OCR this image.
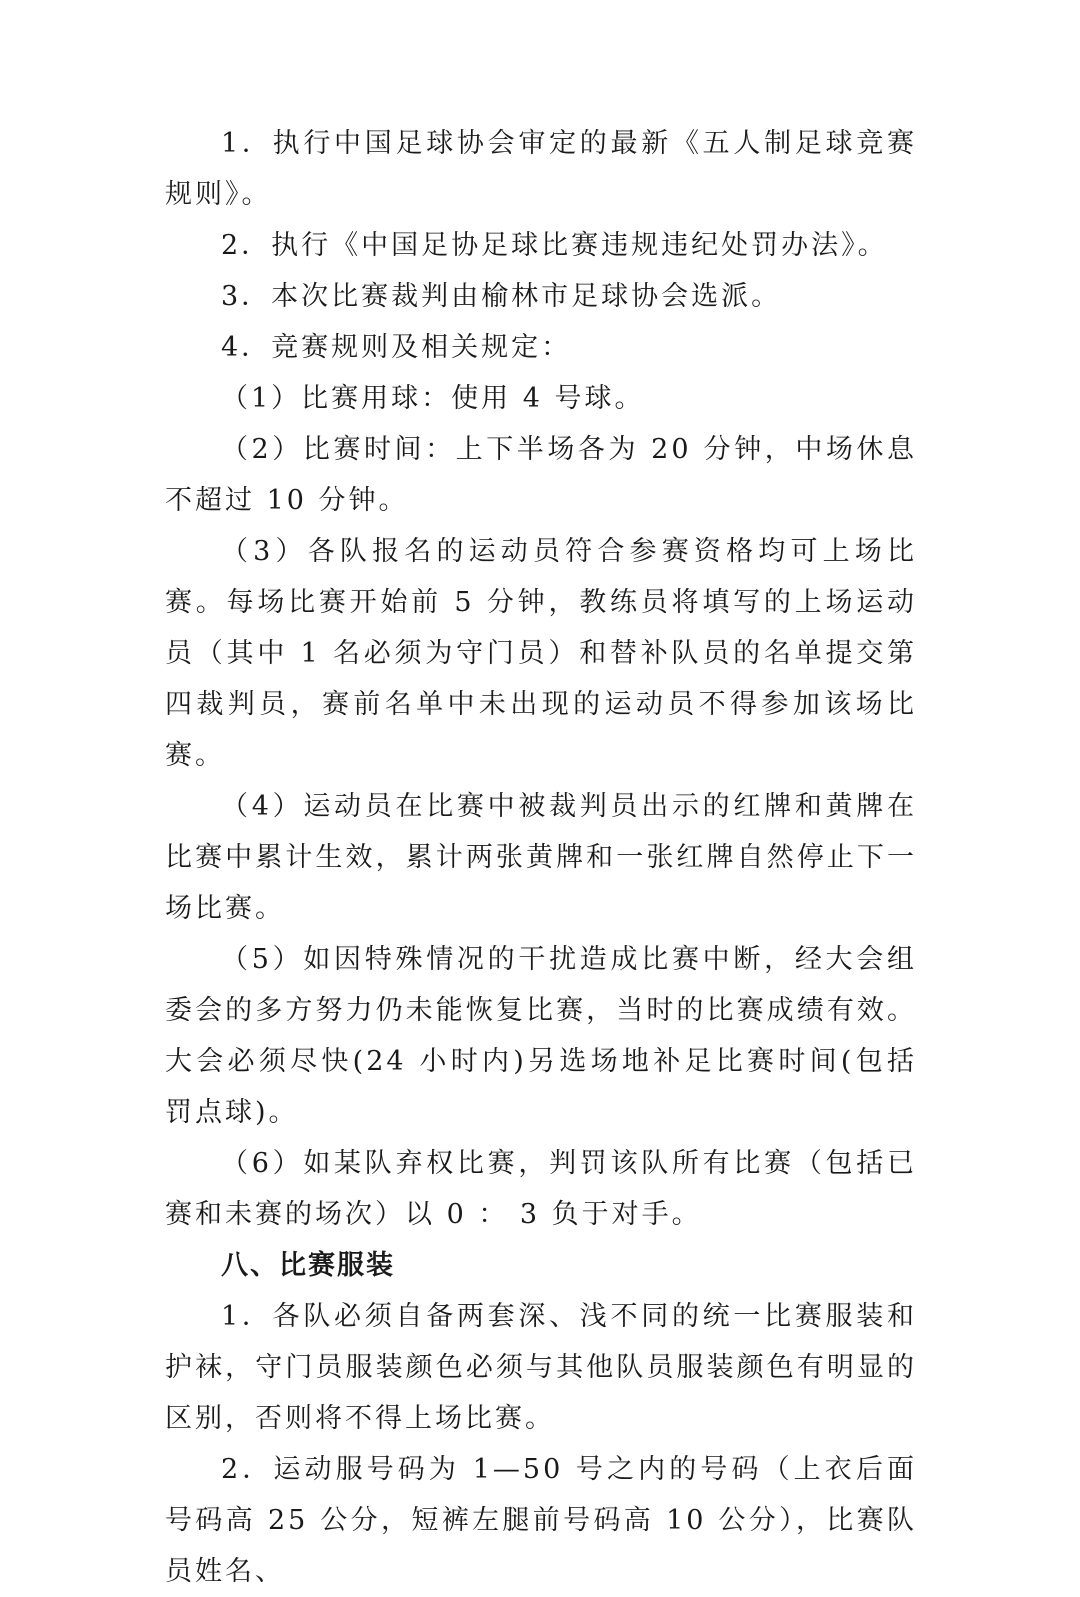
1．执行中国足球协会审定的最新《五人制足球竞赛规则》。

2．执行《中国足协足球比赛违规违纪处罚办法》。

3．本次比赛裁判由榆林市足球协会选派。

4．竞赛规则及相关规定：

（1）比赛用球：使用 4 号球。

（2）比赛时间：上下半场各为 20 分钟，中场休息不超过 10 分钟。

（3）各队报名的运动员符合参赛资格均可上场比赛。每场比赛开始前 5 分钟，教练员将填写的上场运动员（其中 1 名必须为守门员）和替补队员的名单提交第四裁判员，赛前名单中未出现的运动员不得参加该场比赛。

（4）运动员在比赛中被裁判员出示的红牌和黄牌在比赛中累计生效，累计两张黄牌和一张红牌自然停止下一场比赛。

（5）如因特殊情况的干扰造成比赛中断，经大会组委会的多方努力仍未能恢复比赛，当时的比赛成绩有效。大会必须尽快(24 小时内)另选场地补足比赛时间(包括罚点球)。

（6）如某队弃权比赛，判罚该队所有比赛（包括已赛和未赛的场次）以 0 ： 3 负于对手。

八、比赛服装

1．各队必须自备两套深、浅不同的统一比赛服装和护袜，守门员服装颜色必须与其他队员服装颜色有明显的区别，否则将不得上场比赛。

2．运动服号码为 1—50 号之内的号码（上衣后面号码高 25 公分，短裤左腿前号码高 10 公分），比赛队员姓名、
